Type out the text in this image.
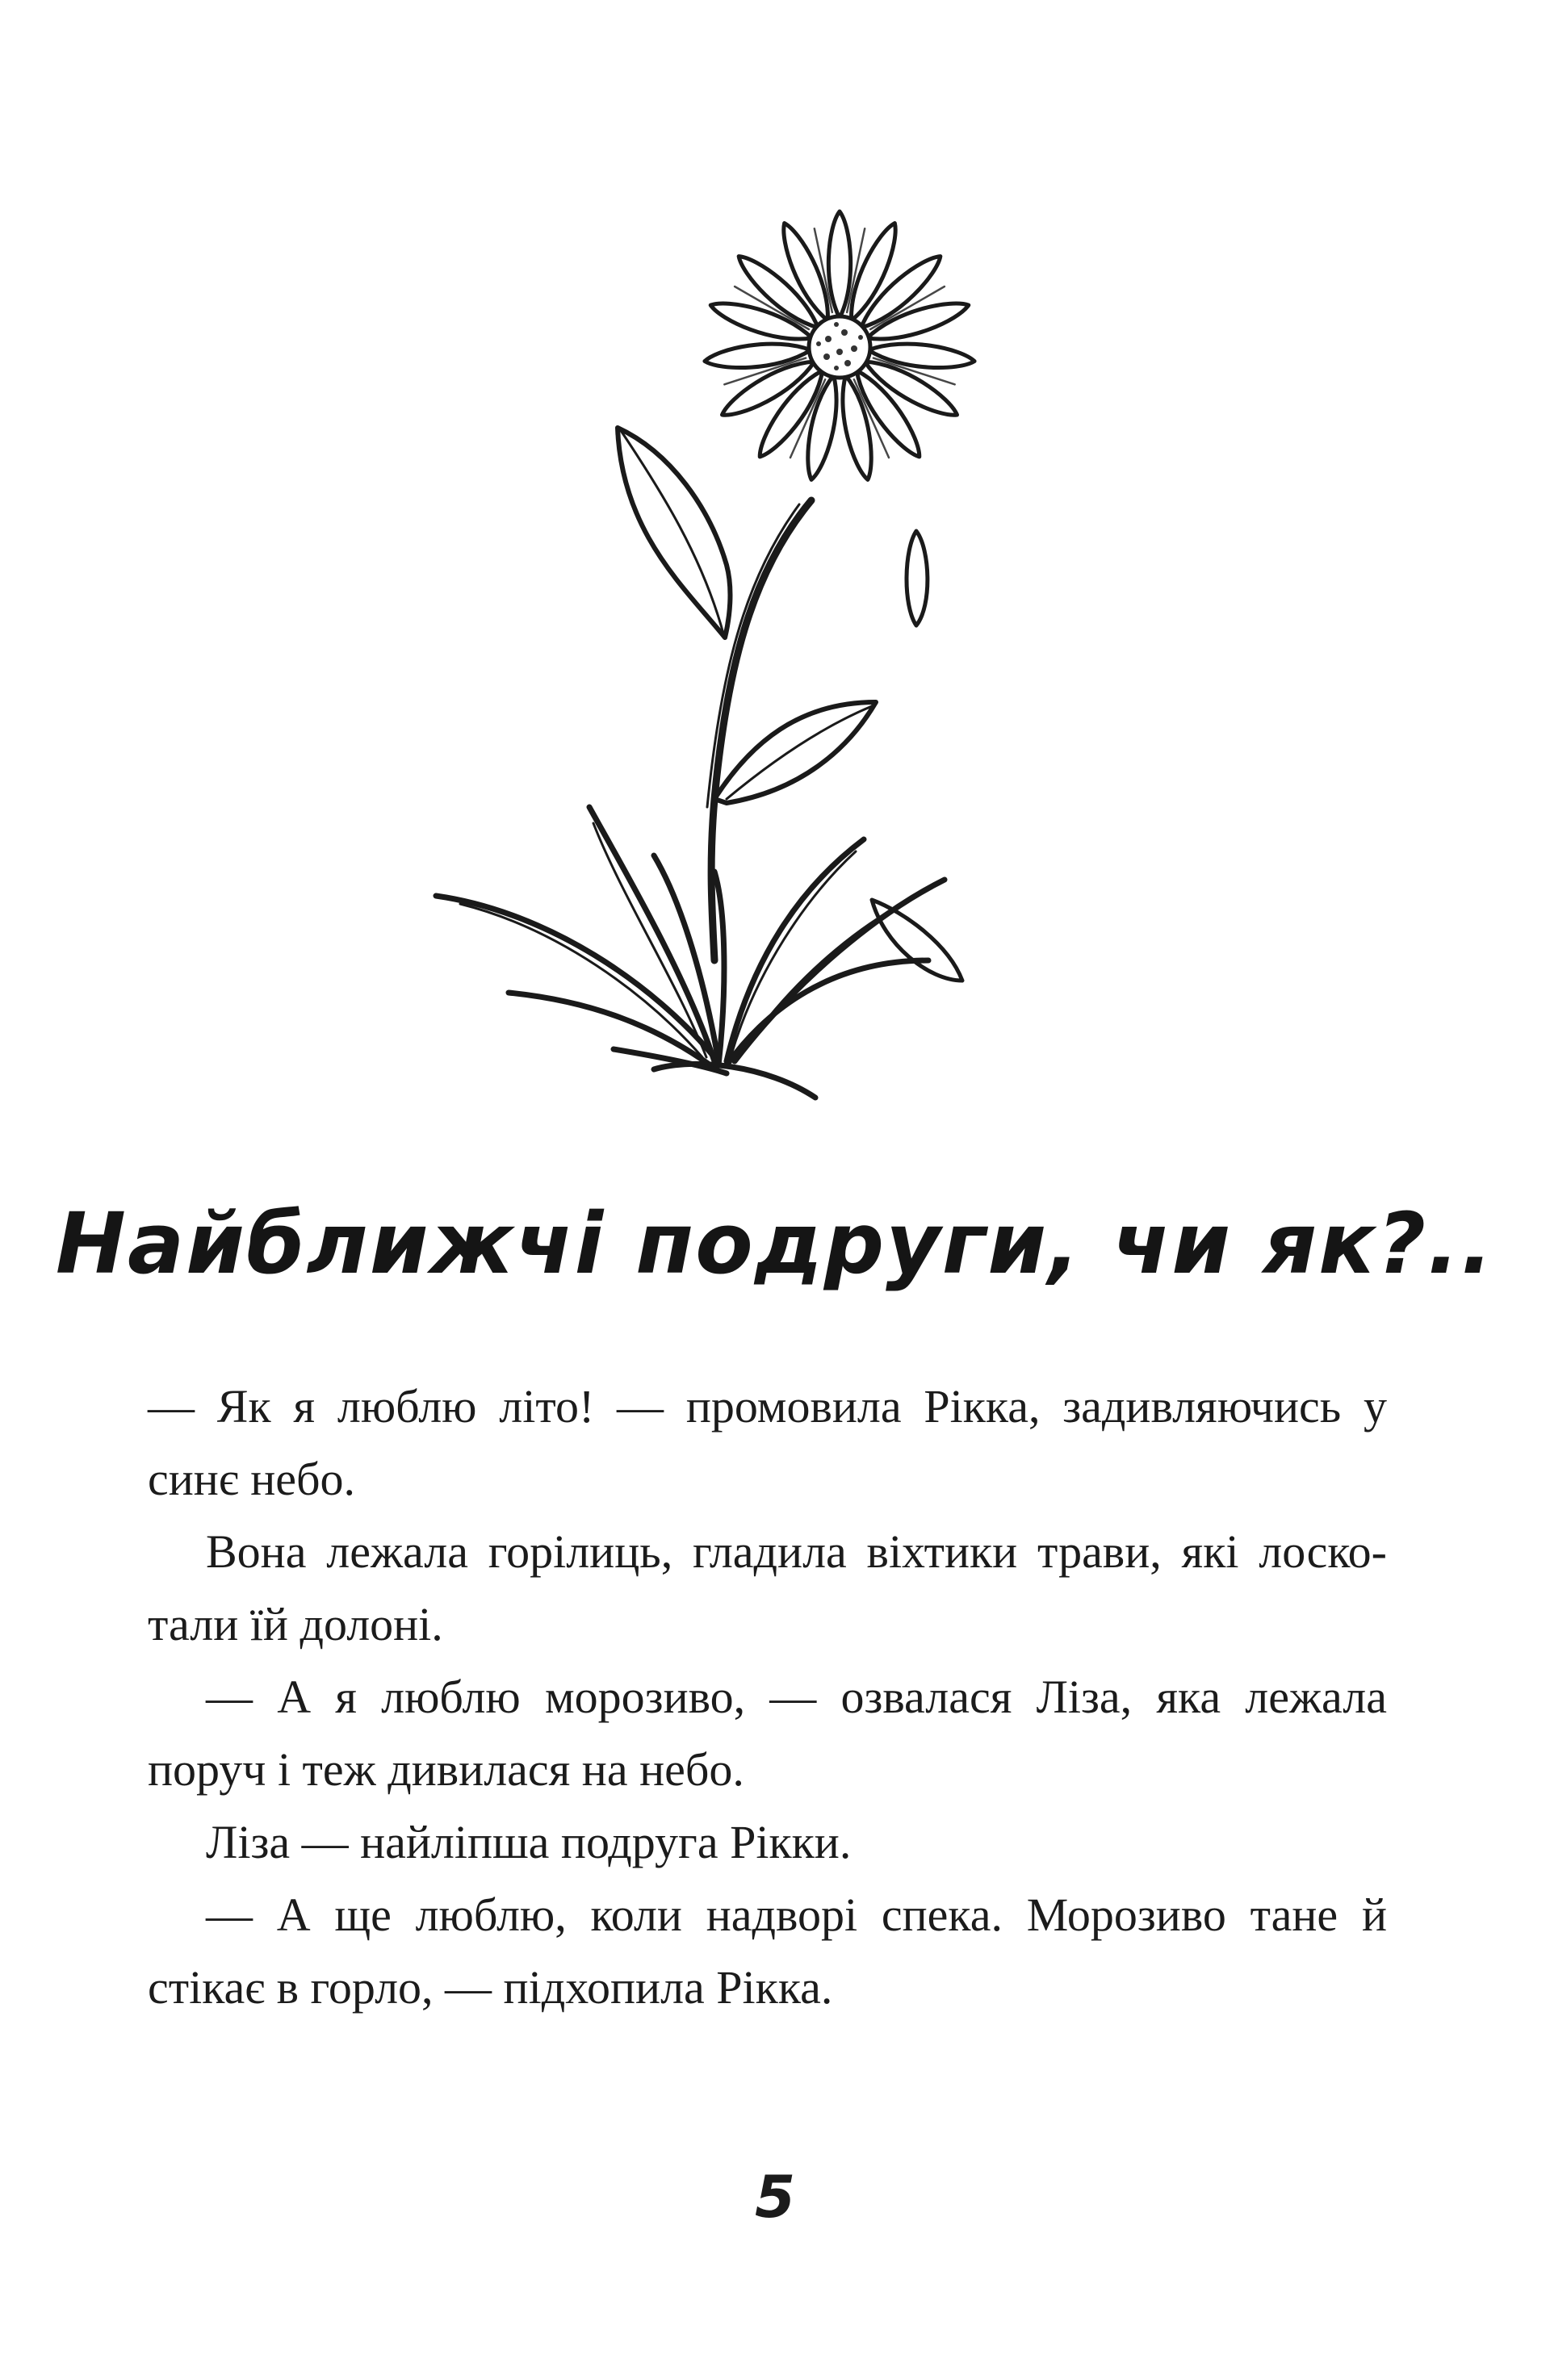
Найближчі подруги, чи як?..

— Як я люблю літо! — промовила Рікка, задивляючись у синє небо.

Вона лежала горілиць, гладила віхтики трави, які лоскотали їй долоні.

— А я люблю морозиво, — озвалася Ліза, яка лежала поруч і теж дивилася на небо.

Ліза — найліпша подруга Рікки.

— А ще люблю, коли надворі спека. Морозиво тане й стікає в горло, — підхопила Рікка.

5
